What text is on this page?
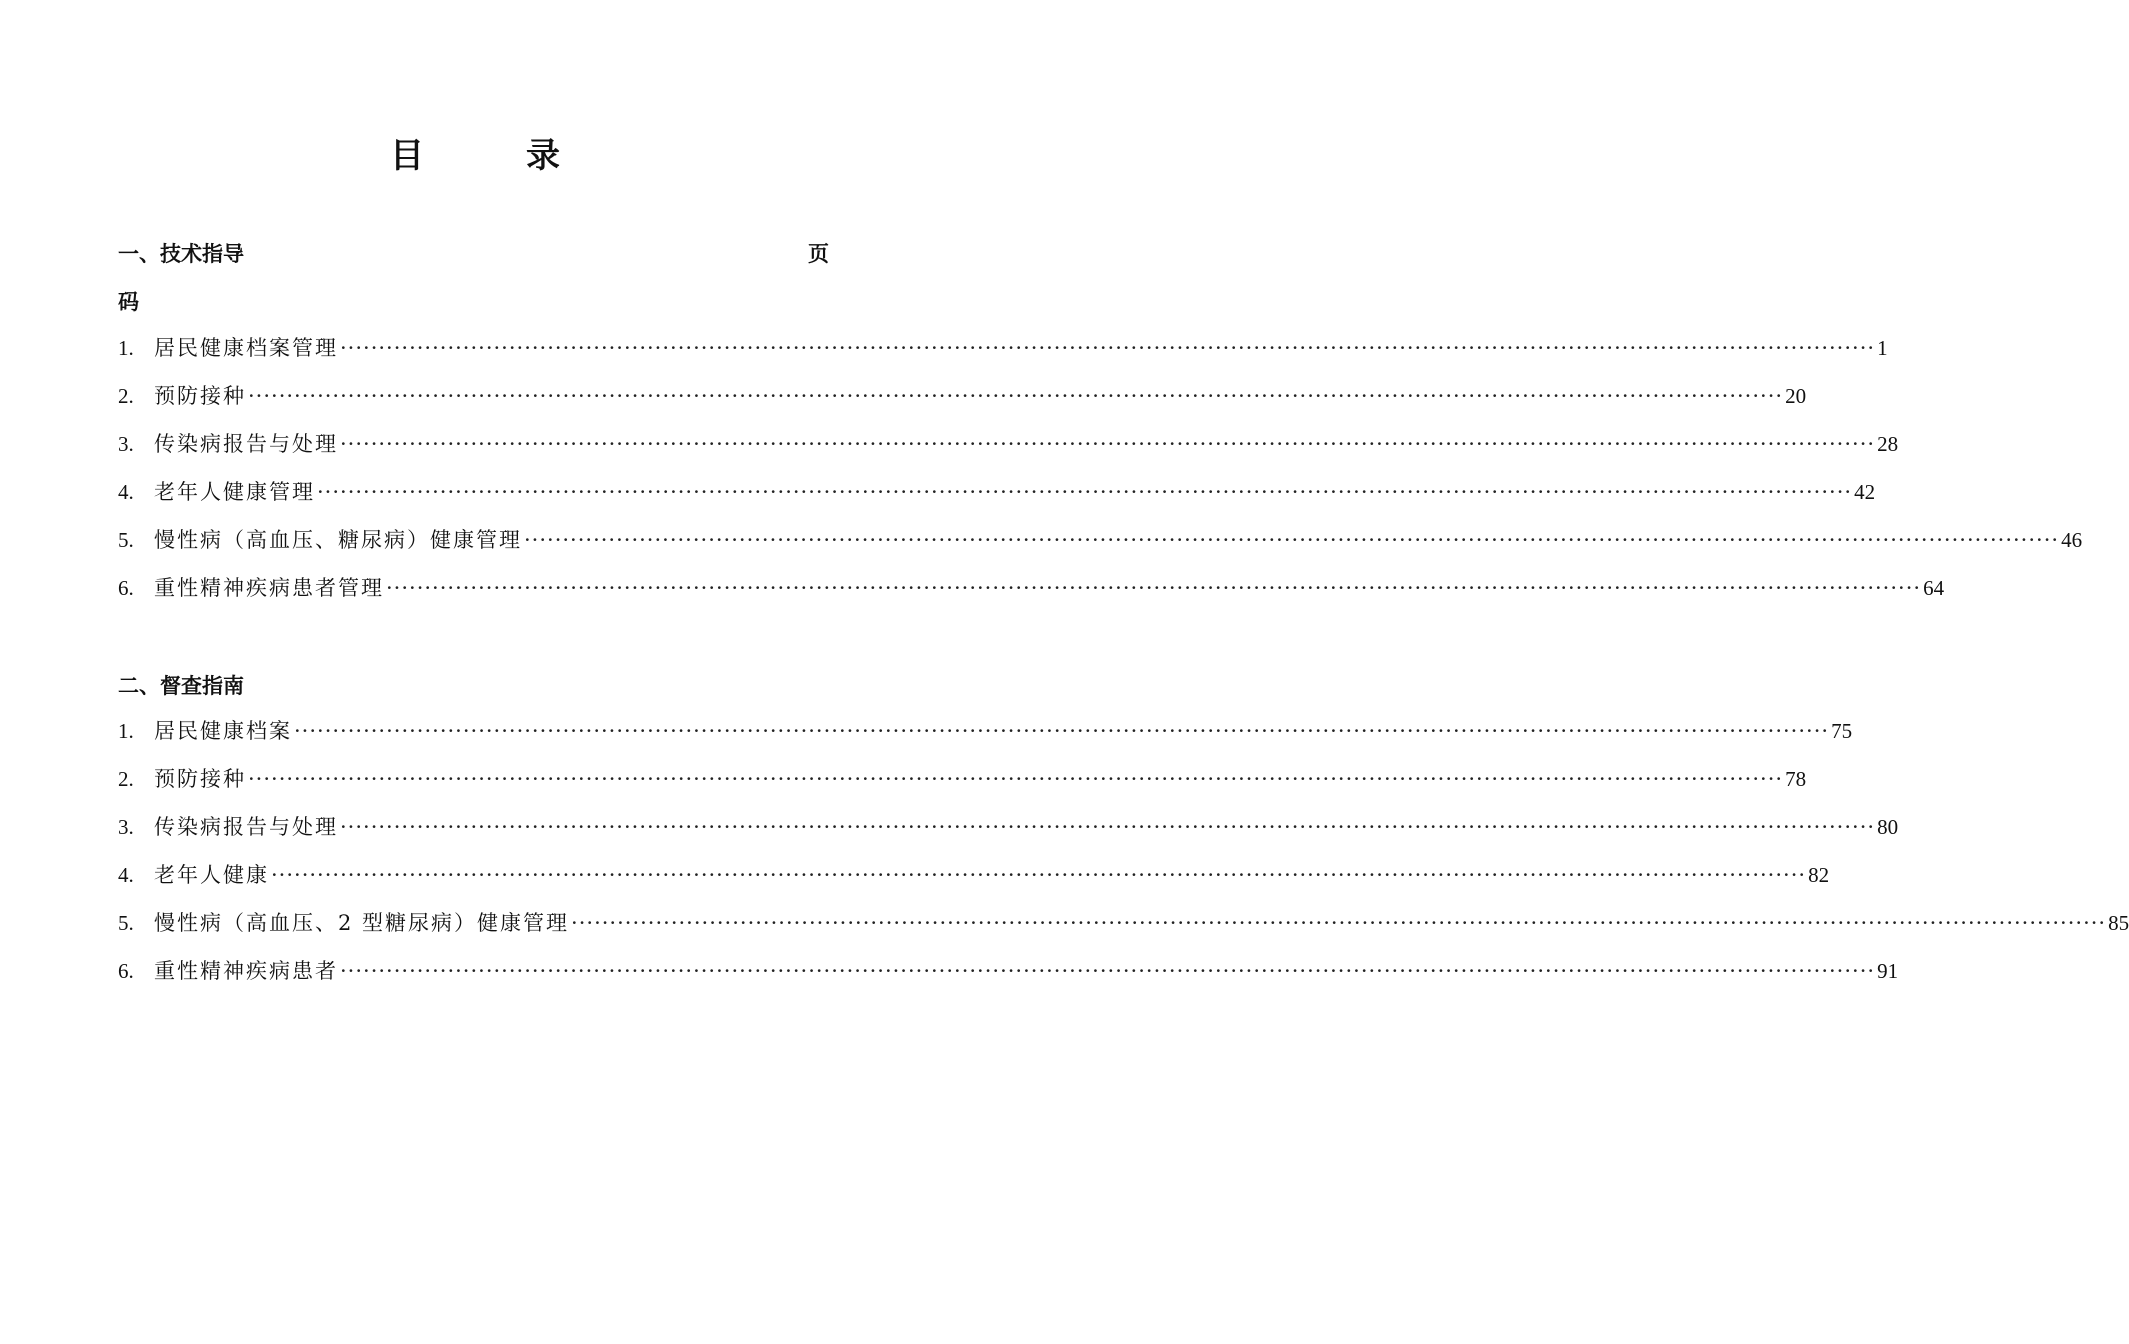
目　录
一、技术指导	页
码
1. 居民健康档案管理 ········································································································································································································ 1
2. 预防接种 ········································································································································································································ 20
3. 传染病报告与处理 ········································································································································································································ 28
4. 老年人健康管理 ········································································································································································································ 42
5. 慢性病（高血压、糖尿病）健康管理 ········································································································································································································ 46
6. 重性精神疾病患者管理 ········································································································································································································ 64
二、督查指南
1. 居民健康档案 ········································································································································································································ 75
2. 预防接种 ········································································································································································································ 78
3. 传染病报告与处理 ········································································································································································································ 80
4. 老年人健康 ········································································································································································································ 82
5. 慢性病（高血压、2 型糖尿病）健康管理 ········································································································································································································ 85
6. 重性精神疾病患者 ········································································································································································································ 91
